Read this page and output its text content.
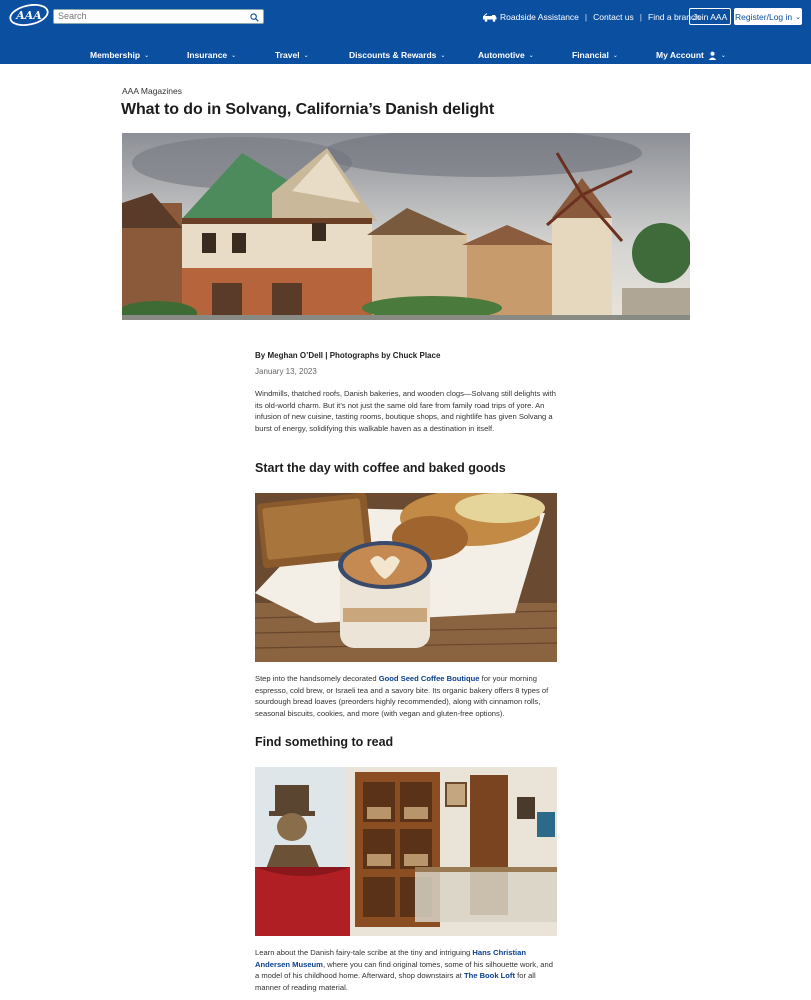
AAA Search	Roadside Assistance | Contact us | Find a branch
Join AAA Register/Log in ⌄
Membership ⌄	Insurance ⌄	Travel ⌄	Discounts & Rewards ⌄	Automotive ⌄	Financial ⌄	My Account	⌄
AAA Magazines
What to do in Solvang, California’s Danish delight
By Meghan O’Dell | Photographs by Chuck Place
January 13, 2023

Windmills, thatched roofs, Danish bakeries, and wooden clogs—Solvang still delights with its old-world charm. But it’s not just the same old fare from family road trips of yore. An infusion of new cuisine, tasting rooms, boutique shops, and nightlife has given Solvang a burst of energy, solidifying this walkable haven as a destination in itself.

Start the day with coffee and baked goods

Step into the handsomely decorated Good Seed Coffee Boutique for your morning espresso, cold brew, or Israeli tea and a savory bite. Its organic bakery offers 8 types of sourdough bread loaves (preorders highly recommended), along with cinnamon rolls, seasonal biscuits, cookies, and more (with vegan and gluten-free options).

Find something to read

Learn about the Danish fairy-tale scribe at the tiny and intriguing Hans Christian Andersen Museum, where you can find original tomes, some of his silhouette work, and a model of his childhood home. Afterward, shop downstairs at The Book Loft for all manner of reading material.
